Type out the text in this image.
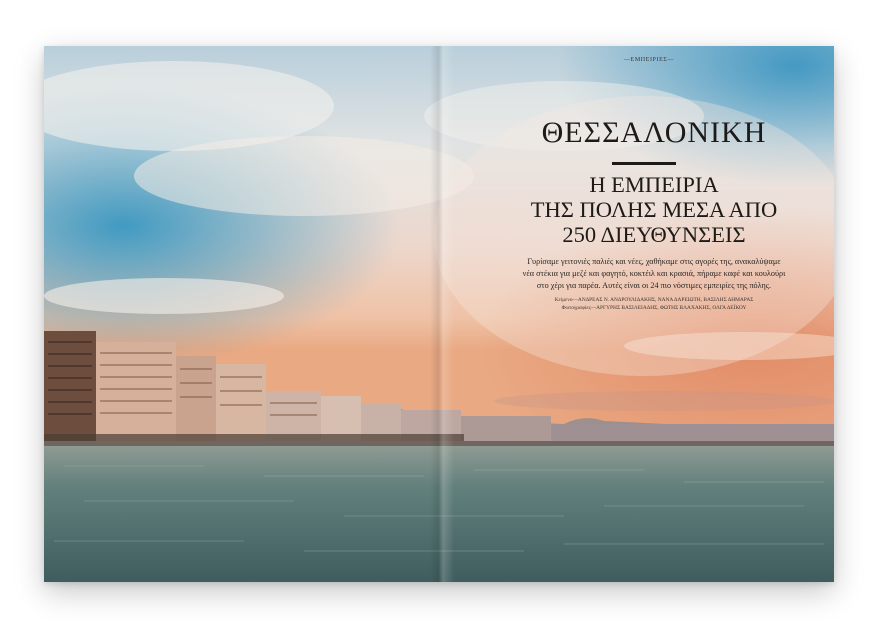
—ΕΜΠΕΙΡΙΕΣ—
ΘΕΣΣΑΛΟΝΙΚΗ
Η ΕΜΠΕΙΡΙΑ
ΤΗΣ ΠΟΛΗΣ ΜΕΣΑ ΑΠΟ
250 ΔΙΕΥΘΥΝΣΕΙΣ

Γυρίσαμε γειτονιές παλιές και νέες, χαθήκαμε στις αγορές της, ανακαλύψαμε
νέα στέκια για μεζέ και φαγητό, κοκτέιλ και κρασιά, πήραμε καφέ και κουλούρι
στο χέρι για παρέα. Αυτές είναι οι 24 πιο νόστιμες εμπειρίες της πόλης.

Κείμενο—ΑΝΔΡΕΑΣ Ν. ΑΝΔΡΟΥΛΙΔΑΚΗΣ, ΝΑΝΑ ΔΑΡΕΙΩΤΗ, ΒΑΣΙΛΗΣ ΔΗΜΑΡΑΣ
Φωτογραφίες—ΑΡΓΥΡΗΣ ΒΑΣΙΛΕΙΑΔΗΣ, ΦΩΤΗΣ ΒΛΑΧΑΚΗΣ, ΟΛΓΑ ΔΕΪΚΟΥ
